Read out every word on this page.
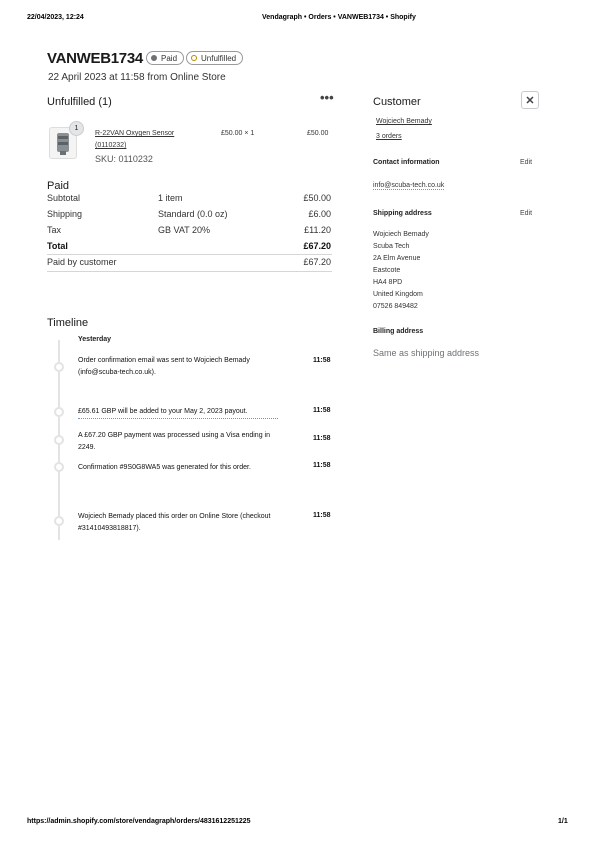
22/04/2023, 12:24	Vendagraph • Orders • VANWEB1734 • Shopify
https://admin.shopify.com/store/vendagraph/orders/4831612251225	1/1
VANWEB1734 Paid	Unfulfilled
22 April 2023 at 11:58 from Online Store
Unfulfilled (1)	•••
1
R-22VAN Oxygen Sensor
(0110232)
SKU: 0110232
£50.00 × 1	£50.00
Paid
Subtotal	1 item	£50.00
Shipping	Standard (0.0 oz)	£6.00
Tax	GB VAT 20%	£11.20
Total	£67.20
Paid by customer	£67.20
Timeline
Yesterday
Order confirmation email was sent to Wojciech Bemady (info@scuba-tech.co.uk).
11:58
£65.61 GBP will be added to your May 2, 2023 payout.	11:58
A £67.20 GBP payment was processed using a Visa ending in 2249.
11:58
Confirmation #9S0G8WA5 was generated for this order.	11:58
Wojciech Bemady placed this order on Online Store (checkout #31410493818817).
11:58
Customer	✕
Wojciech Bemady
3 orders
Contact information	Edit
info@scuba-tech.co.uk
Shipping address	Edit
Wojciech Bemady
Scuba Tech
2A Elm Avenue
Eastcote
HA4 8PD
United Kingdom
07526 849482
Billing address
Same as shipping address
